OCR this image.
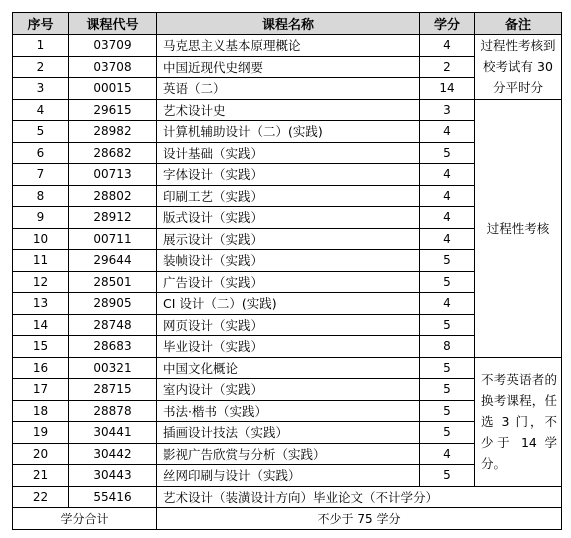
序号	课程代号	课程名称	学分	备注
1	03709	马克思主义基本原理概论	4	过程性考核到校考试有 30 分平时分
2	03708	中国近现代史纲要	2	
3	00015	英语（二）	14	
4	29615	艺术设计史	3	过程性考核
5	28982	计算机辅助设计（二）(实践)	4	
6	28682	设计基础（实践）	5	
7	00713	字体设计（实践）	4	
8	28802	印刷工艺（实践）	4	
9	28912	版式设计（实践）	4	
10	00711	展示设计（实践）	4	
11	29644	装帧设计（实践）	5	
12	28501	广告设计（实践）	5	
13	28905	CI 设计（二）(实践)	4	
14	28748	网页设计（实践）	5	
15	28683	毕业设计（实践）	8	
16	00321	中国文化概论	5	不考英语者的换考课程，任选 3 门，不少于 14 学分。
17	28715	室内设计（实践）	5	
18	28878	书法·楷书（实践）	5	
19	30441	插画设计技法（实践）	5	
20	30442	影视广告欣赏与分析（实践）	4	
21	30443	丝网印刷与设计（实践）	5	
22	55416	艺术设计（装潢设计方向）毕业论文（不计学分）		
学分合计		不少于 75 学分		
